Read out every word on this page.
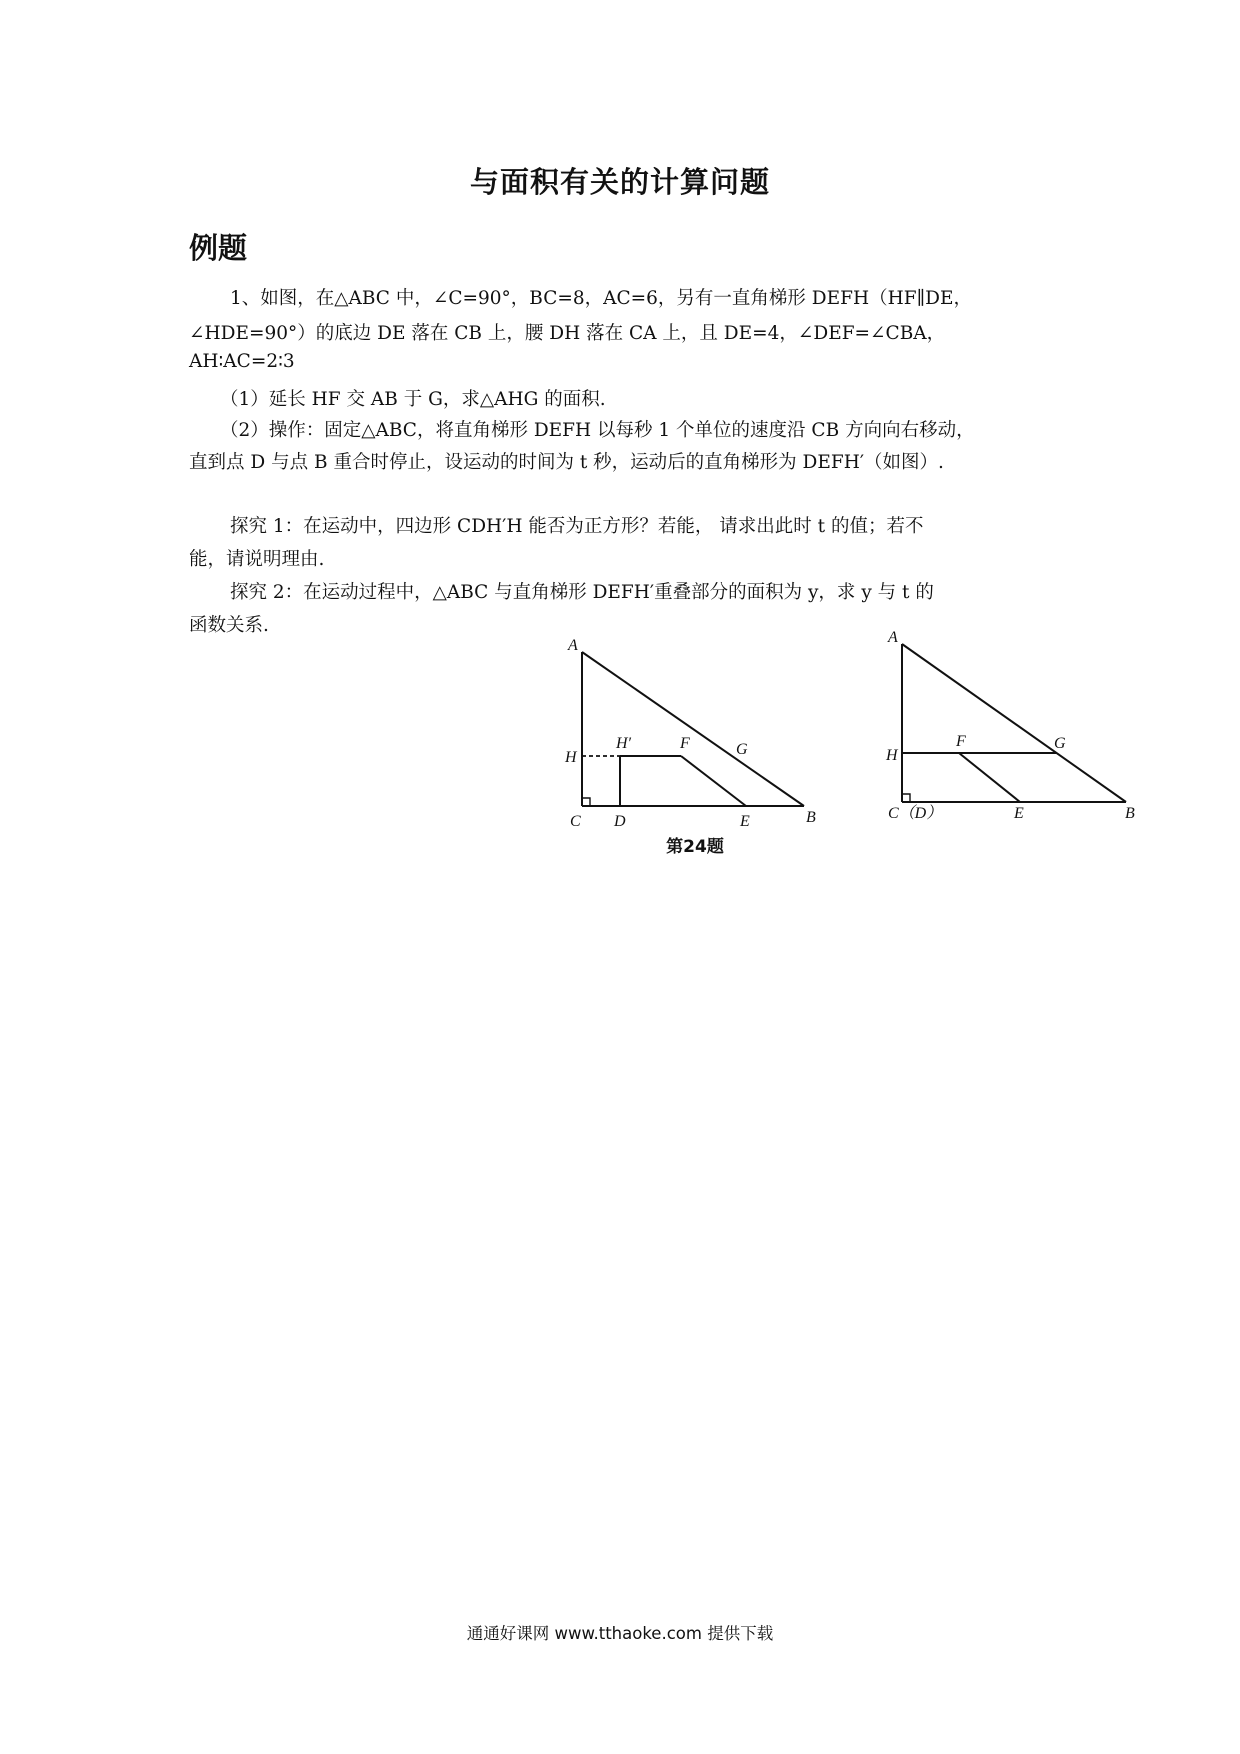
与面积有关的计算问题
例题
1、如图，在△ABC 中，∠C=90°，BC=8，AC=6，另有一直角梯形 DEFH（HF∥DE，
∠HDE=90°）的底边 DE 落在 CB 上，腰 DH 落在 CA 上，且 DE=4，∠DEF=∠CBA，
AH∶AC=2∶3
（1）延长 HF 交 AB 于 G，求△AHG 的面积.
（2）操作：固定△ABC，将直角梯形 DEFH 以每秒 1 个单位的速度沿 CB 方向向右移动，
直到点 D 与点 B 重合时停止，设运动的时间为 t 秒，运动后的直角梯形为 DEFH′（如图）.
探究 1：在运动中，四边形 CDH′H 能否为正方形？若能， 请求出此时 t 的值；若不
能，请说明理由.
探究 2：在运动过程中，△ABC 与直角梯形 DEFH′重叠部分的面积为 y，求 y 与 t 的
函数关系.
A
H
H′	F	G
C D	E	B
A
H
F	G
C（D）	E	B
第24题
通通好课网 www.tthaoke.com 提供下载
